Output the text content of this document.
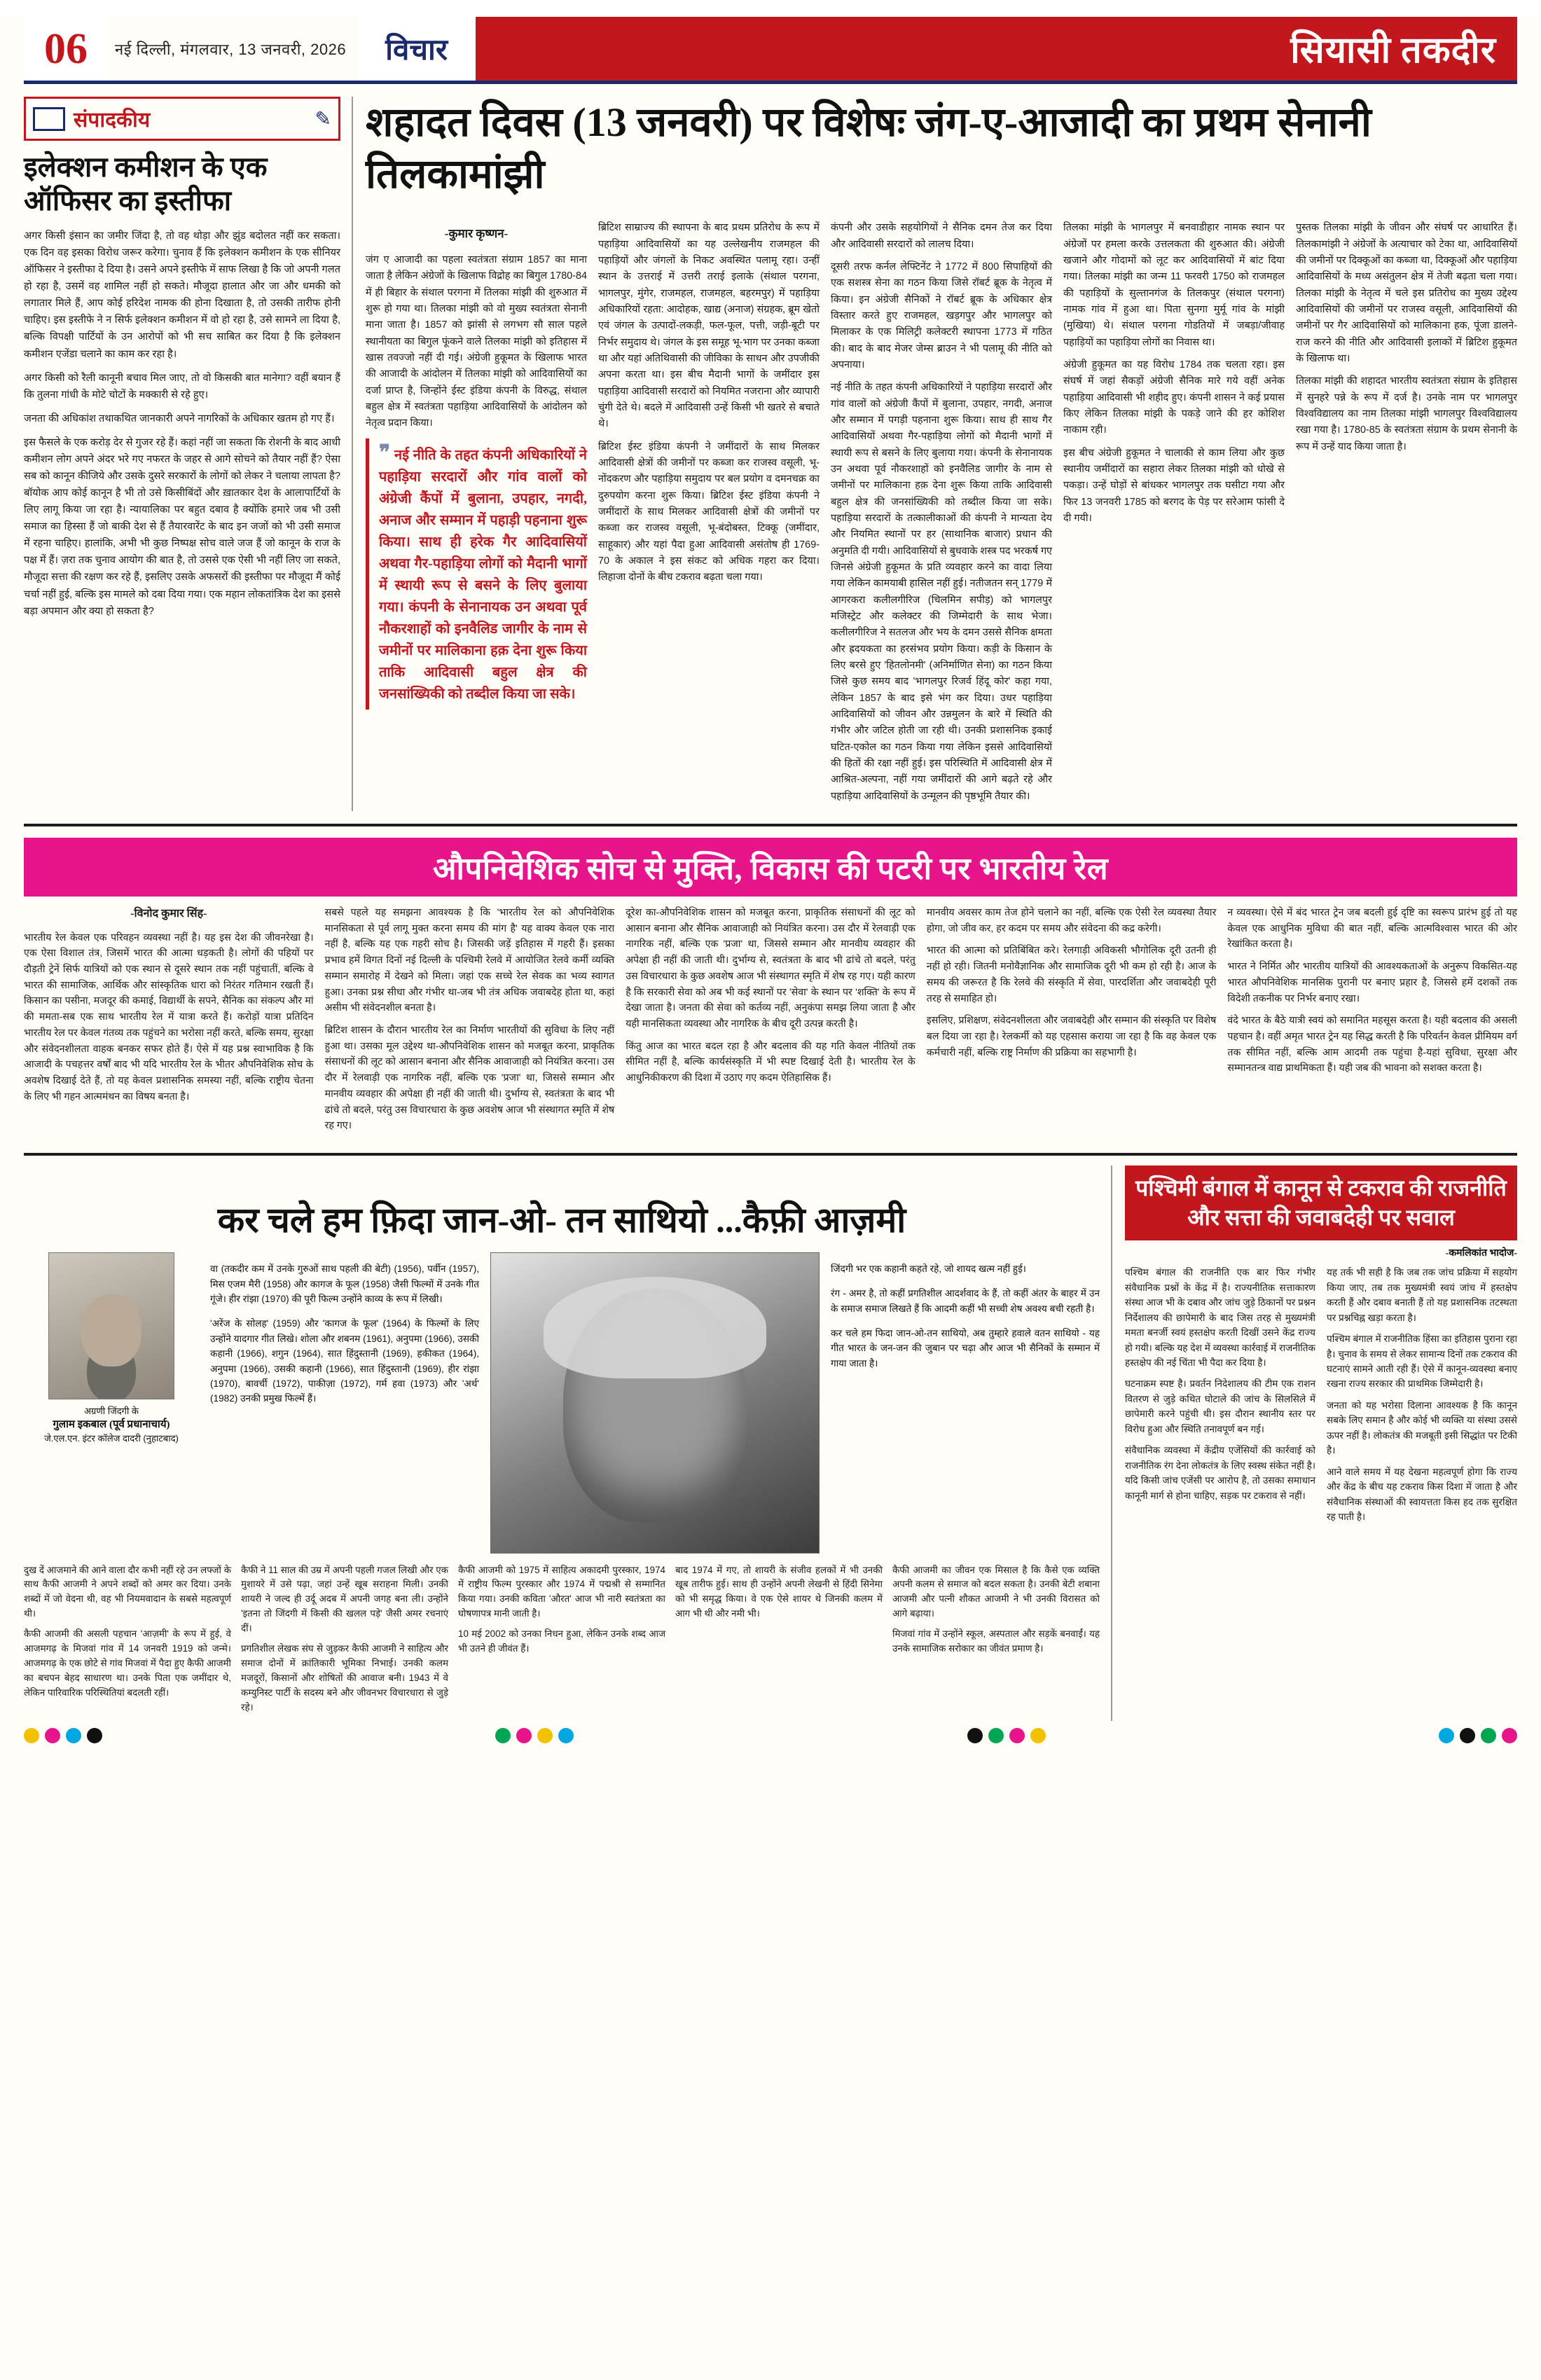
06	नई दिल्ली, मंगलवार, 13 जनवरी, 2026	विचार	सियासी तकदीर
संपादकीय	✎
इलेक्शन कमीशन के एक ऑफिसर का इस्तीफा

अगर किसी इंसान का जमीर जिंदा है, तो वह थोड़ा और झुंड बदोलत नहीं कर सकता। एक दिन वह इसका विरोध जरूर करेगा। चुनाव हैं कि इलेक्शन कमीशन के एक सीनियर ऑफिसर ने इस्तीफा दे दिया है। उसने अपने इस्तीफे में साफ लिखा है कि जो अपनी गलत हो रहा है, उसमें वह शामिल नहीं हो सकते। मौजूदा हालात और जा और धमकी को लगातार मिले हैं, आप कोई हरिदेश नामक की होना दिखाता है, तो उसकी तारीफ होनी चाहिए। इस इस्तीफे ने न सिर्फ इलेक्शन कमीशन में वो हो रहा है, उसे सामने ला दिया है, बल्कि विपक्षी पार्टियों के उन आरोपों को भी सच साबित कर दिया है कि इलेक्शन कमीशन एजेंडा चलाने का काम कर रहा है।

अगर किसी को रैली कानूनी बचाव मिल जाए, तो वो किसकी बात मानेगा? वहीं बयान हैं कि तुलना गांधी के मोटे चोटों के मक्कारी से रहे हुए।

जनता की अधिकांश तथाकथित जानकारी अपने नागरिकों के अधिकार खतम हो गए हैं।

इस फैसले के एक करोड़ देर से गुजर रहे हैं। कहां नहीं जा सकता कि रोशनी के बाद आधी कमीशन लोग अपने अंदर भरे गए नफरत के जहर से आगे सोचने को तैयार नहीं हैं? ऐसा सब को कानून कीजिये और उसके दुसरे सरकारों के लोगों को लेकर ने चलाया लापता है? बॉयोक आप कोई कानून है भी तो उसे किसीबिंदों और ख़ातकार देश के आलापार्टियों के लिए लागू किया जा रहा है। न्यायालिका पर बहुत दबाव है क्योंकि हमारे जब भी उसी समाज का हिस्सा हैं जो बाकी देश से हैं तैयारवारेंट के बाद इन जजों को भी उसी समाज में रहना चाहिए। हालांकि, अभी भी कुछ निष्पक्ष सोच वाले जज हैं जो कानून के राज के पक्ष में हैं। ज़रा तक चुनाव आयोग की बात है, तो उससे एक ऐसी भी नहीं लिए जा सकते, मौजूदा सत्ता की रक्षण कर रहे हैं, इसलिए उसके अफसरों की इस्तीफा पर मौजूदा मैं कोई चर्चा नहीं हुई, बल्कि इस मामले को दबा दिया गया। एक महान लोकतांत्रिक देश का इससे बड़ा अपमान और क्या हो सकता है?

शहादत दिवस (13 जनवरी) पर विशेषः जंग-ए-आजादी का प्रथम सेनानी तिलकामांझी
-कुमार कृष्णन-

जंग ए आजादी का पहला स्वतंत्रता संग्राम 1857 का माना जाता है लेकिन अंग्रेजों के खिलाफ विद्रोह का बिगुल 1780-84 में ही बिहार के संथाल परगना में तिलका मांझी की शुरुआत में शुरू हो गया था। तिलका मांझी को वो मुख्य स्वतंत्रता सेनानी माना जाता है। 1857 को झांसी से लगभग सौ साल पहले स्थानीयता का बिगुल फूंकने वाले तिलका मांझी को इतिहास में खास तवज्जो नहीं दी गई। अंग्रेजी हुकूमत के खिलाफ भारत की आजादी के आंदोलन में तिलका मांझी को आदिवासियों का दर्जा प्राप्त है, जिन्होंने ईस्ट इंडिया कंपनी के विरुद्ध, संथाल बहुल क्षेत्र में स्वतंत्रता पहाड़िया आदिवासियों के आंदोलन को नेतृत्व प्रदान किया।

❞ नई नीति के तहत कंपनी अधिकारियों ने पहाड़िया सरदारों और गांव वालों को अंग्रेजी कैंपों में बुलाना, उपहार, नगदी, अनाज और सम्मान में पहाड़ी पहनाना शुरू किया। साथ ही हरेक गैर आदिवासियों अथवा गैर-पहाड़िया लोगों को मैदानी भागों में स्थायी रूप से बसने के लिए बुलाया गया। कंपनी के सेनानायक उन अथवा पूर्व नौकरशाहों को इनवैलिड जागीर के नाम से जमीनों पर मालिकाना हक़ देना शुरू किया ताकि आदिवासी बहुल क्षेत्र की जनसांख्यिकी को तब्दील किया जा सके।

ब्रिटिश साम्राज्य की स्थापना के बाद प्रथम प्रतिरोध के रूप में पहाड़िया आदिवासियों का यह उल्लेखनीय राजमहल की पहाड़ियों और जंगलों के निकट अवस्थित पलामू रहा। उन्हीं स्थान के उत्तराई में उत्तरी तराई इलाके (संथाल परगना, भागलपुर, मुंगेर, राजमहल, राजमहल, बहरमपुर) में पहाड़िया अधिकारियों रहता: आदोहक, खाद्य (अनाज) संग्रहक, ब्रूम खेतो एवं जंगल के उत्पादों-लकड़ी, फल-फूल, पत्ती, जड़ी-बूटी पर निर्भर समुदाय थे। जंगल के इस समूह भू-भाग पर उनका कब्जा था और यहां अतिथिवासी की जीविका के साधन और उपजीकी अपना करता था। इस बीच मैदानी भागों के जमींदार इस पहाड़िया आदिवासी सरदारों को नियमित नजराना और व्यापारी चुंगी देते थे। बदले में आदिवासी उन्हें किसी भी खतरे से बचाते थे।

ब्रिटिश ईस्ट इंडिया कंपनी ने जमींदारों के साथ मिलकर आदिवासी क्षेत्रों की जमीनों पर कब्जा कर राजस्व वसूली, भू-नोंदकरण और पहाड़िया समुदाय पर बल प्रयोग व दमनचक्र का दुरुपयोग करना शुरू किया। ब्रिटिश ईस्ट इंडिया कंपनी ने जमींदारों के साथ मिलकर आदिवासी क्षेत्रों की जमीनों पर कब्जा कर राजस्व वसूली, भू-बंदोबस्त, टिक्कू (जमींदार, साहूकार) और यहां पैदा हुआ आदिवासी असंतोष ही 1769-70 के अकाल ने इस संकट को अधिक गहरा कर दिया। लिहाजा दोनों के बीच टकराव बढ़ता चला गया।

कंपनी और उसके सहयोगियों ने सैनिक दमन तेज कर दिया और आदिवासी सरदारों को लालच दिया।

दूसरी तरफ कर्नल लेफ्टिनेंट ने 1772 में 800 सिपाहियों की एक सशस्त्र सेना का गठन किया जिसे रॉबर्ट ब्रूक के नेतृत्व में किया। इन अंग्रेजी सैनिकों ने रॉबर्ट ब्रूक के अधिकार क्षेत्र विस्तार करते हुए राजमहल, खड़गपुर और भागलपुर को मिलाकर के एक मिलिट्री कलेक्टरी स्थापना 1773 में गठित की। बाद के बाद मेजर जेम्स ब्राउन ने भी पलामू की नीति को अपनाया।

नई नीति के तहत कंपनी अधिकारियों ने पहाड़िया सरदारों और गांव वालों को अंग्रेजी कैंपों में बुलाना, उपहार, नगदी, अनाज और सम्मान में पगड़ी पहनाना शुरू किया। साथ ही साथ गैर आदिवासियों अथवा गैर-पहाड़िया लोगों को मैदानी भागों में स्थायी रूप से बसने के लिए बुलाया गया। कंपनी के सेनानायक उन अथवा पूर्व नौकरशाहों को इनवैलिड जागीर के नाम से जमीनों पर मालिकाना हक़ देना शुरू किया ताकि आदिवासी बहुल क्षेत्र की जनसांख्यिकी को तब्दील किया जा सके। पहाड़िया सरदारों के तत्कालीकाओं की कंपनी ने मान्यता देय और नियमित स्थानों पर हर (साथानिक बाजार) प्रधान की अनुमति दी गयी। आदिवासियों से बुधवाके शस्त्र पद भरकर्ष गए जिनसे अंग्रेजी हुकूमत के प्रति व्यवहार करने का वादा लिया गया लेकिन कामयाबी हासिल नहीं हुई। नतीजतन सन् 1779 में आगरकरा कलीलगीरिज (चिलमिन सपीड़) को भागलपुर मजिस्ट्रेट और कलेक्टर की जिम्मेदारी के साथ भेजा। कलीलगीरिज ने सतलज और भय के दमन उससे सैनिक क्षमता और ह्रदयकता का हरसंभव प्रयोग किया। कड़ी के किसान के लिए बरसे हुए 'हितलोनमी' (अनिर्माणित सेना) का गठन किया जिसे कुछ समय बाद 'भागलपुर रिजर्व हिंदू कोर' कहा गया, लेकिन 1857 के बाद इसे भंग कर दिया। उधर पहाड़िया आदिवासियों को जीवन और उन्नमुलन के बारे में स्थिति की गंभीर और जटिल होती जा रही थी। उनकी प्रशासनिक इकाई घटित-एकोल का गठन किया गया लेकिन इससे आदिवासियों की हितों की रक्षा नहीं हुई। इस परिस्थिति में आदिवासी क्षेत्र में आश्रित-अल्पना, नहीं गया जमींदारों की आगे बढ़ते रहे और पहाड़िया आदिवासियों के उन्मूलन की पृष्ठभूमि तैयार की।

तिलका मांझी के भागलपुर में बनवाडीहार नामक स्थान पर अंग्रेजों पर हमला करके उत्तलकता की शुरुआत की। अंग्रेजी खजाने और गोदामों को लूट कर आदिवासियों में बांट दिया गया। तिलका मांझी का जन्म 11 फरवरी 1750 को राजमहल की पहाड़ियों के सुल्तानगंज के तिलकपुर (संथाल परगना) नामक गांव में हुआ था। पिता सुनगा मुर्मू गांव के मांझी (मुखिया) थे। संथाल परगना गोडतियों में जबड़ा/जीवाह पहाड़ियों का पहाड़िया लोगों का निवास था।

अंग्रेजी हुकूमत का यह विरोध 1784 तक चलता रहा। इस संघर्ष में जहां सैकड़ों अंग्रेजी सैनिक मारे गये वहीं अनेक पहाड़िया आदिवासी भी शहीद हुए। कंपनी शासन ने कई प्रयास किए लेकिन तिलका मांझी के पकड़े जाने की हर कोशिश नाकाम रही।

इस बीच अंग्रेजी हुकूमत ने चालाकी से काम लिया और कुछ स्थानीय जमींदारों का सहारा लेकर तिलका मांझी को धोखे से पकड़ा। उन्हें घोड़ों से बांधकर भागलपुर तक घसीटा गया और फिर 13 जनवरी 1785 को बरगद के पेड़ पर सरेआम फांसी दे दी गयी।

पुस्तक तिलका मांझी के जीवन और संघर्ष पर आधारित हैं। तिलकामांझी ने अंग्रेजों के अत्याचार को टेका था, आदिवासियों की जमीनों पर दिक्कूओं का कब्जा था, दिक्कूओं और पहाड़िया आदिवासियों के मध्य असंतुलन क्षेत्र में तेजी बढ़ता चला गया। तिलका मांझी के नेतृत्व में चले इस प्रतिरोध का मुख्य उद्देश्य आदिवासियों की जमीनों पर राजस्व वसूली, आदिवासियों की जमीनों पर गैर आदिवासियों को मालिकाना हक, पूंजा डालने-राज करने की नीति और आदिवासी इलाकों में ब्रिटिश हुकूमत के खिलाफ था।

तिलका मांझी की शहादत भारतीय स्वतंत्रता संग्राम के इतिहास में सुनहरे पन्ने के रूप में दर्ज है। उनके नाम पर भागलपुर विश्वविद्यालय का नाम तिलका मांझी भागलपुर विश्वविद्यालय रखा गया है। 1780-85 के स्वतंत्रता संग्राम के प्रथम सेनानी के रूप में उन्हें याद किया जाता है।

औपनिवेशिक सोच से मुक्ति, विकास की पटरी पर भारतीय रेल
-विनोद कुमार सिंह-

भारतीय रेल केवल एक परिवहन व्यवस्था नहीं है। यह इस देश की जीवनरेखा है। एक ऐसा विशाल तंत्र, जिसमें भारत की आत्मा धड़कती है। लोगों की पहियों पर दौड़ती ट्रेनें सिर्फ यात्रियों को एक स्थान से दूसरे स्थान तक नहीं पहुंचातीं, बल्कि वे भारत की सामाजिक, आर्थिक और सांस्कृतिक धारा को निरंतर गतिमान रखती हैं। किसान का पसीना, मजदूर की कमाई, विद्यार्थी के सपने, सैनिक का संकल्प और मां की ममता-सब एक साथ भारतीय रेल में यात्रा करते हैं। करोड़ों यात्रा प्रतिदिन भारतीय रेल पर केवल गंतव्य तक पहुंचने का भरोसा नहीं करते, बल्कि समय, सुरक्षा और संवेदनशीलता वाहक बनकर सफर होते हैं। ऐसे में यह प्रश्न स्वाभाविक है कि आजादी के पचहत्तर वर्षों बाद भी यदि भारतीय रेल के भीतर औपनिवेशिक सोच के अवशेष दिखाई देते हैं, तो यह केवल प्रशासनिक समस्या नहीं, बल्कि राष्ट्रीय चेतना के लिए भी गहन आत्ममंथन का विषय बनता है।

सबसे पहले यह समझना आवश्यक है कि 'भारतीय रेल को औपनिवेशिक मानसिकता से पूर्व लागू मुक्त करना समय की मांग है' यह वाक्य केवल एक नारा नहीं है, बल्कि यह एक गहरी सोच है। जिसकी जड़ें इतिहास में गहरी हैं। इसका प्रभाव हमें विगत दिनों नई दिल्ली के पश्चिमी रेलवे में आयोजित रेलवे कर्मी व्यक्ति सम्मान समारोह में देखने को मिला। जहां एक सच्चे रेल सेवक का भव्य स्वागत हुआ। उनका प्रश्न सीधा और गंभीर था-जब भी तंत्र अधिक जवाबदेह होता था, कहां असीम भी संवेदनशील बनता है।

ब्रिटिश शासन के दौरान भारतीय रेल का निर्माण भारतीयों की सुविधा के लिए नहीं हुआ था। उसका मूल उद्देश्य था-औपनिवेशिक शासन को मजबूत करना, प्राकृतिक संसाधनों की लूट को आसान बनाना और सैनिक आवाजाही को नियंत्रित करना। उस दौर में रेलवाड़ी एक नागरिक नहीं, बल्कि एक 'प्रजा' था, जिससे सम्मान और मानवीय व्यवहार की अपेक्षा ही नहीं की जाती थी। दुर्भाग्य से, स्वतंत्रता के बाद भी ढांचे तो बदले, परंतु उस विचारधारा के कुछ अवशेष आज भी संस्थागत स्मृति में शेष रह गए।

दूरेश का-औपनिवेशिक शासन को मजबूत करना, प्राकृतिक संसाधनों की लूट को आसान बनाना और सैनिक आवाजाही को नियंत्रित करना। उस दौर में रेलवाड़ी एक नागरिक नहीं, बल्कि एक 'प्रजा' था, जिससे सम्मान और मानवीय व्यवहार की अपेक्षा ही नहीं की जाती थी। दुर्भाग्य से, स्वतंत्रता के बाद भी ढांचे तो बदले, परंतु उस विचारधारा के कुछ अवशेष आज भी संस्थागत स्मृति में शेष रह गए। यही कारण है कि सरकारी सेवा को अब भी कई स्थानों पर 'सेवा' के स्थान पर 'शक्ति' के रूप में देखा जाता है। जनता की सेवा को कर्तव्य नहीं, अनुकंपा समझ लिया जाता है और यही मानसिकता व्यवस्था और नागरिक के बीच दूरी उत्पन्न करती है।

किंतु आज का भारत बदल रहा है और बदलाव की यह गति केवल नीतियों तक सीमित नहीं है, बल्कि कार्यसंस्कृति में भी स्पष्ट दिखाई देती है। भारतीय रेल के आधुनिकीकरण की दिशा में उठाए गए कदम ऐतिहासिक हैं।

मानवीय अवसर काम तेज होने चलाने का नहीं, बल्कि एक ऐसी रेल व्यवस्था तैयार होगा, जो जीव कर, हर कदम पर समय और संवेदना की कद्र करेगी।

भारत की आत्मा को प्रतिबिंबित करे। रेलगाड़ी अविकसी भौगोलिक दूरी उतनी ही नहीं हो रही। जितनी मनोवैज्ञानिक और सामाजिक दूरी भी कम हो रही है। आज के समय की जरूरत है कि रेलवे की संस्कृति में सेवा, पारदर्शिता और जवाबदेही पूरी तरह से समाहित हो।

इसलिए, प्रशिक्षण, संवेदनशीलता और जवाबदेही और सम्मान की संस्कृति पर विशेष बल दिया जा रहा है। रेलकर्मी को यह एहसास कराया जा रहा है कि वह केवल एक कर्मचारी नहीं, बल्कि राष्ट्र निर्माण की प्रक्रिया का सहभागी है।

न व्यवस्था। ऐसे में बंद भारत ट्रेन जब बदली हुई दृष्टि का स्वरूप प्रारंभ हुई तो यह केवल एक आधुनिक मुविधा की बात नहीं, बल्कि आत्मविश्वास भारत की ओर रेखांकित करता है।

भारत ने निर्मित और भारतीय यात्रियों की आवश्यकताओं के अनुरूप विकसित-यह भारत औपनिवेशिक मानसिक पुरानी पर बनाए प्रहार है, जिससे हमें दशकों तक विदेशी तकनीक पर निर्भर बनाए रखा।

वंदे भारत के बैठे यात्री स्वयं को समानित महसूस करता है। यही बदलाव की असली पहचान है। वहीं अमृत भारत ट्रेन यह सिद्ध करती है कि परिवर्तन केवल प्रीमियम वर्ग तक सीमित नहीं, बल्कि आम आदमी तक पहुंचा है-यहां सुविधा, सुरक्षा और सम्मानतन्त्र वाद्य प्राथमिकता हैं। यही जब की भावना को सशक्त करता है।

कर चले हम फ़िदा जान-ओ- तन साथियो ...कैफ़ी आज़मी
अग्रणी जिंदगी के
गुलाम इकबाल (पूर्व प्रधानाचार्य)
जे.एल.एन. इंटर कॉलेज दादरी (नुहाटबाद)

वा (तकदीर कम में उनके गुरुओं साथ पहली की बेटी) (1956), पर्वीन (1957), मिस एजम मैरी (1958) और कागज के फूल (1958) जैसी फिल्मों में उनके गीत गूंजे। हीर रांझा (1970) की पूरी फिल्म उन्होंने काव्य के रूप में लिखी।

'अरेंज के सोलह' (1959) और 'कागज के फूल' (1964) के फिल्मों के लिए उन्होंने यादगार गीत लिखे। शोला और शबनम (1961), अनुपमा (1966), उसकी कहानी (1966), शगुन (1964), सात हिंदुस्तानी (1969), हकीकत (1964), अनुपमा (1966), उसकी कहानी (1966), सात हिंदुस्तानी (1969), हीर रांझा (1970), बावर्ची (1972), पाकीज़ा (1972), गर्म हवा (1973) और 'अर्थ' (1982) उनकी प्रमुख फिल्में हैं।

जिंदगी भर एक कहानी कहते रहे, जो शायद खत्म नहीं हुई।

रंग - अमर है, तो कहीं प्रगतिशील आदर्शवाद के हैं, तो कहीं अंतर के बाहर में उन के समाज समाज लिखते हैं कि आदमी कहीं भी सच्ची शेष अवश्य बची रहती है।

कर चले हम फिदा जान-ओ-तन साथियो, अब तुम्हारे हवाले वतन साथियो - यह गीत भारत के जन-जन की जुबान पर चढ़ा और आज भी सैनिकों के सम्मान में गाया जाता है।

दुख दें आजमाने की आने वाला दौर कभी नहीं रहे उन लफ्जों के साथ कैफी आजमी ने अपने शब्दों को अमर कर दिया। उनके शब्दों में जो वेदना थी, वह भी नियमवादान के सबसे महत्वपूर्ण थी।

कैफी आजमी की असली पहचान 'आज़मी' के रूप में हुई, वे आजमगढ़ के मिजवां गांव में 14 जनवरी 1919 को जन्मे। आजमगढ़ के एक छोटे से गांव मिजवां में पैदा हुए कैफी आजमी का बचपन बेहद साधारण था। उनके पिता एक जमींदार थे, लेकिन पारिवारिक परिस्थितियां बदलती रहीं।

कैफी ने 11 साल की उम्र में अपनी पहली गजल लिखी और एक मुशायरे में उसे पढ़ा, जहां उन्हें खूब सराहना मिली। उनकी शायरी ने जल्द ही उर्दू अदब में अपनी जगह बना ली। उन्होंने 'इतना तो जिंदगी में किसी की खलल पड़े' जैसी अमर रचनाएं दीं।

प्रगतिशील लेखक संघ से जुड़कर कैफी आजमी ने साहित्य और समाज दोनों में क्रांतिकारी भूमिका निभाई। उनकी कलम मजदूरों, किसानों और शोषितों की आवाज बनी। 1943 में वे कम्युनिस्ट पार्टी के सदस्य बने और जीवनभर विचारधारा से जुड़े रहे।

कैफी आजमी को 1975 में साहित्य अकादमी पुरस्कार, 1974 में राष्ट्रीय फिल्म पुरस्कार और 1974 में पद्मश्री से सम्मानित किया गया। उनकी कविता 'औरत' आज भी नारी स्वतंत्रता का घोषणापत्र मानी जाती है।

10 मई 2002 को उनका निधन हुआ, लेकिन उनके शब्द आज भी उतने ही जीवंत हैं।

बाद 1974 में गए, तो शायरी के संजीव हलकों में भी उनकी खूब तारीफ हुई। साथ ही उन्होंने अपनी लेखनी से हिंदी सिनेमा को भी समृद्ध किया। वे एक ऐसे शायर थे जिनकी कलम में आग भी थी और नमी भी।

कैफी आजमी का जीवन एक मिसाल है कि कैसे एक व्यक्ति अपनी कलम से समाज को बदल सकता है। उनकी बेटी शबाना आजमी और पत्नी शौकत आजमी ने भी उनकी विरासत को आगे बढ़ाया।

मिजवां गांव में उन्होंने स्कूल, अस्पताल और सड़कें बनवाईं। यह उनके सामाजिक सरोकार का जीवंत प्रमाण है।

पश्चिमी बंगाल में कानून से टकराव की राजनीति और सत्ता की जवाबदेही पर सवाल
-कमलिकांत भादोज-

पश्चिम बंगाल की राजनीति एक बार फिर गंभीर संवैधानिक प्रश्नों के केंद्र में है। राज्यनीतिक सत्ताकारण संस्था आज भी के दबाव और जांच जुड़े ठिकानों पर प्रश्नन निर्देशालय की छापेमारी के बाद जिस तरह से मुख्यमंत्री ममता बनर्जी स्वयं हस्तक्षेप करती दिखीं उसने केंद्र राज्य हो गयी। बल्कि यह देश में व्यवस्था कार्रवाई में राजनीतिक हस्तक्षेप की नई चिंता भी पैदा कर दिया है।

घटनाक्रम स्पष्ट है। प्रवर्तन निदेशालय की टीम एक राशन वितरण से जुड़े कथित घोटाले की जांच के सिलसिले में छापेमारी करने पहुंची थी। इस दौरान स्थानीय स्तर पर विरोध हुआ और स्थिति तनावपूर्ण बन गई।

संवैधानिक व्यवस्था में केंद्रीय एजेंसियों की कार्रवाई को राजनीतिक रंग देना लोकतंत्र के लिए स्वस्थ संकेत नहीं है। यदि किसी जांच एजेंसी पर आरोप है, तो उसका समाधान कानूनी मार्ग से होना चाहिए, सड़क पर टकराव से नहीं।

यह तर्क भी सही है कि जब तक जांच प्रक्रिया में सहयोग किया जाए, तब तक मुख्यमंत्री स्वयं जांच में हस्तक्षेप करती हैं और दबाव बनाती हैं तो यह प्रशासनिक तटस्थता पर प्रश्नचिह्न खड़ा करता है।

पश्चिम बंगाल में राजनीतिक हिंसा का इतिहास पुराना रहा है। चुनाव के समय से लेकर सामान्य दिनों तक टकराव की घटनाएं सामने आती रही हैं। ऐसे में कानून-व्यवस्था बनाए रखना राज्य सरकार की प्राथमिक जिम्मेदारी है।

जनता को यह भरोसा दिलाना आवश्यक है कि कानून सबके लिए समान है और कोई भी व्यक्ति या संस्था उससे ऊपर नहीं है। लोकतंत्र की मजबूती इसी सिद्धांत पर टिकी है।

आने वाले समय में यह देखना महत्वपूर्ण होगा कि राज्य और केंद्र के बीच यह टकराव किस दिशा में जाता है और संवैधानिक संस्थाओं की स्वायत्तता किस हद तक सुरक्षित रह पाती है।
